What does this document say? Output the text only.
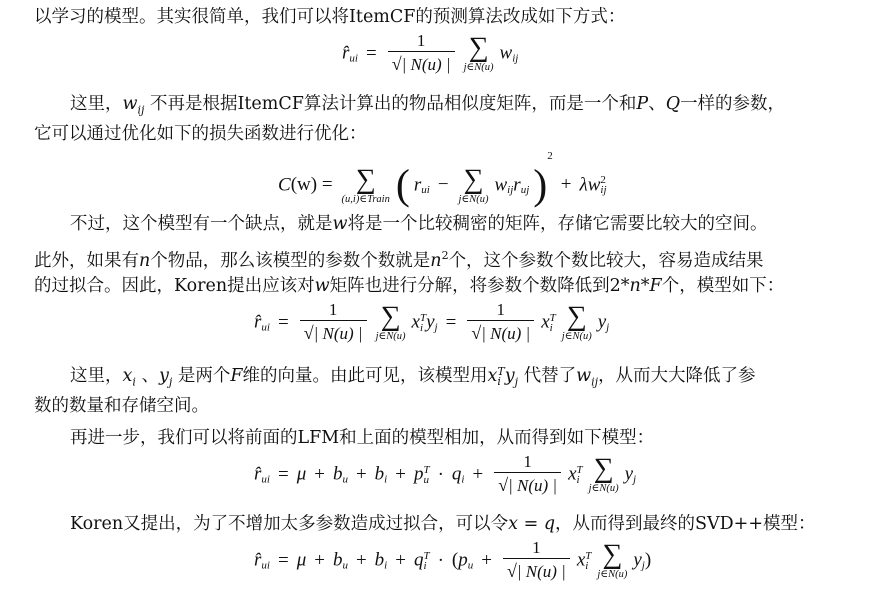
以学习的模型。其实很简单，我们可以将ItemCF的预测算法改成如下方式：
$r̂_{ui} = \frac{1}{√| N(u) |}$
∑
j∈N(u)
$w_{ij}$
这里，$w_{ij}$ 不再是根据ItemCF算法计算出的物品相似度矩阵，而是一个和P、Q一样的参数，
它可以通过优化如下的损失函数进行优化：
C(w) = ∑
(u,i)∈Train ( $r_{ui}$ − ∑
j∈N(u)
$w_{ij}r_{uj}$ )$^2$ + λw 2
ij
不过，这个模型有一个缺点，就是w将是一个比较稠密的矩阵，存储它需要比较大的空间。
此外，如果有n个物品，那么该模型的参数个数就是$n^2$个，这个参数个数比较大，容易造成结果
的过拟合。因此，Koren提出应该对w矩阵也进行分解，将参数个数降低到2*n*F个，模型如下：
$r̂_{ui} = \frac{1}{√| N(u) |}$
∑
j∈N(u)
x T
i $y_j = \frac{1}{√| N(u) |}$ x T
i
∑
j∈N(u)
$y_j$
这里，$x_i$ 、$y_j$ 是两个F维的向量。由此可见，该模型用x T
i $y_j$ 代替了$w_{ij}$，从而大大降低了参
数的数量和存储空间。
再进一步，我们可以将前面的LFM和上面的模型相加，从而得到如下模型：
$r̂_{ui} = \mu + b_u + b_i + p$ T
$u \cdot q_i + \frac{1}{√| N(u) |}$ x T
i
∑
j∈N(u)
$y_j$
Koren又提出，为了不增加太多参数造成过拟合，可以令x = q，从而得到最终的SVD++模型：
$r̂_{ui} = \mu + b_u + b_i + q$ T
$i \cdot (p_u + \frac{1}{√| N(u) |}$ x T
i
∑
j∈N(u)
$y_j$)
